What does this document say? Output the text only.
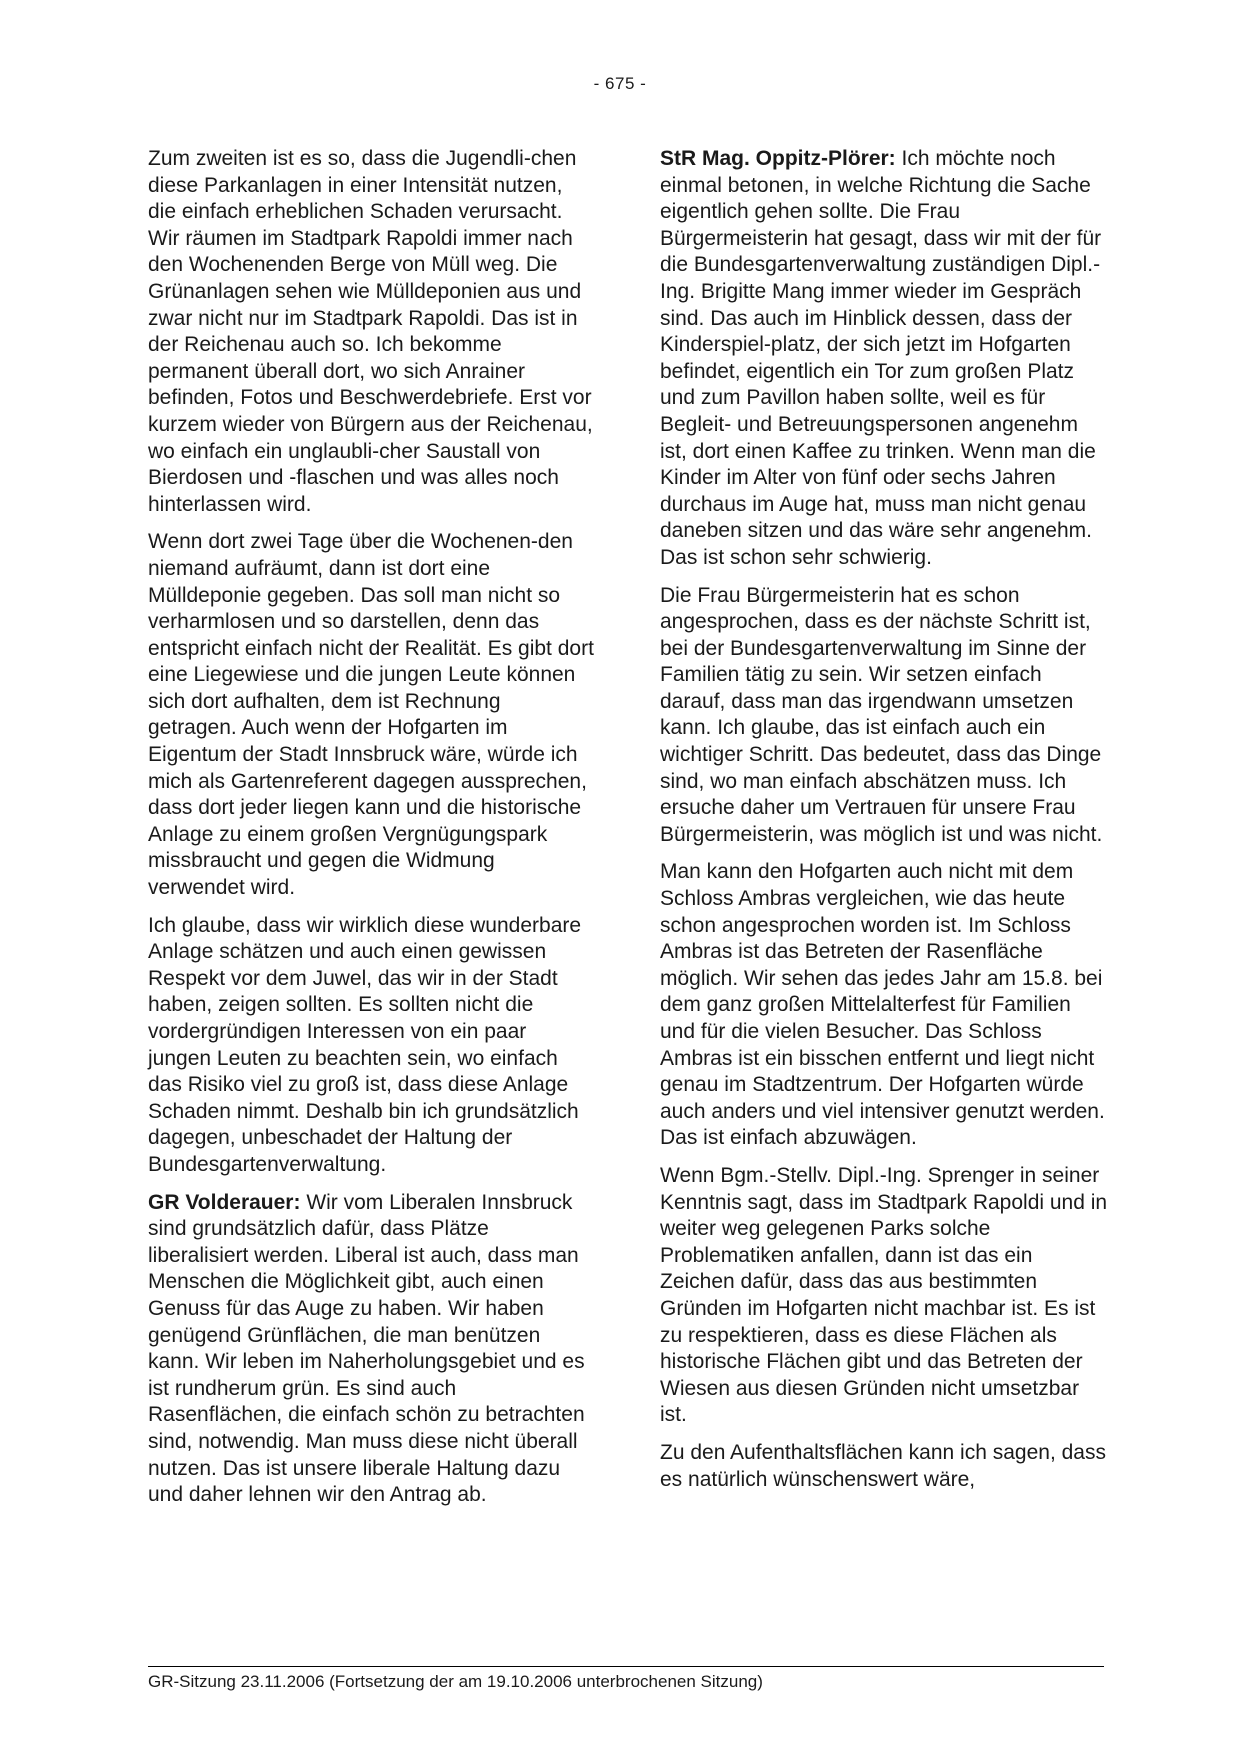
- 675 -

Zum zweiten ist es so, dass die Jugendli-chen diese Parkanlagen in einer Intensität nutzen, die einfach erheblichen Schaden verursacht. Wir räumen im Stadtpark Rapoldi immer nach den Wochenenden Berge von Müll weg. Die Grünanlagen sehen wie Mülldeponien aus und zwar nicht nur im Stadtpark Rapoldi. Das ist in der Reichenau auch so. Ich bekomme permanent überall dort, wo sich Anrainer befinden, Fotos und Beschwerdebriefe. Erst vor kurzem wieder von Bürgern aus der Reichenau, wo einfach ein unglaubli-cher Saustall von Bierdosen und -flaschen und was alles noch hinterlassen wird.

Wenn dort zwei Tage über die Wochenen-den niemand aufräumt, dann ist dort eine Mülldeponie gegeben. Das soll man nicht so verharmlosen und so darstellen, denn das entspricht einfach nicht der Realität. Es gibt dort eine Liegewiese und die jungen Leute können sich dort aufhalten, dem ist Rechnung getragen. Auch wenn der Hofgarten im Eigentum der Stadt Innsbruck wäre, würde ich mich als Gartenreferent dagegen aussprechen, dass dort jeder liegen kann und die historische Anlage zu einem großen Vergnügungspark missbraucht und gegen die Widmung verwendet wird.

Ich glaube, dass wir wirklich diese wunderbare Anlage schätzen und auch einen gewissen Respekt vor dem Juwel, das wir in der Stadt haben, zeigen sollten. Es sollten nicht die vordergründigen Interessen von ein paar jungen Leuten zu beachten sein, wo einfach das Risiko viel zu groß ist, dass diese Anlage Schaden nimmt. Deshalb bin ich grundsätzlich dagegen, unbeschadet der Haltung der Bundesgartenverwaltung.

GR Volderauer: Wir vom Liberalen Innsbruck sind grundsätzlich dafür, dass Plätze liberalisiert werden. Liberal ist auch, dass man Menschen die Möglichkeit gibt, auch einen Genuss für das Auge zu haben. Wir haben genügend Grünflächen, die man benützen kann. Wir leben im Naherholungsgebiet und es ist rundherum grün. Es sind auch Rasenflächen, die einfach schön zu betrachten sind, notwendig. Man muss diese nicht überall nutzen. Das ist unsere liberale Haltung dazu und daher lehnen wir den Antrag ab.

StR Mag. Oppitz-Plörer: Ich möchte noch einmal betonen, in welche Richtung die Sache eigentlich gehen sollte. Die Frau Bürgermeisterin hat gesagt, dass wir mit der für die Bundesgartenverwaltung zuständigen Dipl.-Ing. Brigitte Mang immer wieder im Gespräch sind. Das auch im Hinblick dessen, dass der Kinderspiel-platz, der sich jetzt im Hofgarten befindet, eigentlich ein Tor zum großen Platz und zum Pavillon haben sollte, weil es für Begleit- und Betreuungspersonen angenehm ist, dort einen Kaffee zu trinken. Wenn man die Kinder im Alter von fünf oder sechs Jahren durchaus im Auge hat, muss man nicht genau daneben sitzen und das wäre sehr angenehm. Das ist schon sehr schwierig.

Die Frau Bürgermeisterin hat es schon angesprochen, dass es der nächste Schritt ist, bei der Bundesgartenverwaltung im Sinne der Familien tätig zu sein. Wir setzen einfach darauf, dass man das irgendwann umsetzen kann. Ich glaube, das ist einfach auch ein wichtiger Schritt. Das bedeutet, dass das Dinge sind, wo man einfach abschätzen muss. Ich ersuche daher um Vertrauen für unsere Frau Bürgermeisterin, was möglich ist und was nicht.

Man kann den Hofgarten auch nicht mit dem Schloss Ambras vergleichen, wie das heute schon angesprochen worden ist. Im Schloss Ambras ist das Betreten der Rasenfläche möglich. Wir sehen das jedes Jahr am 15.8. bei dem ganz großen Mittelalterfest für Familien und für die vielen Besucher. Das Schloss Ambras ist ein bisschen entfernt und liegt nicht genau im Stadtzentrum. Der Hofgarten würde auch anders und viel intensiver genutzt werden. Das ist einfach abzuwägen.

Wenn Bgm.-Stellv. Dipl.-Ing. Sprenger in seiner Kenntnis sagt, dass im Stadtpark Rapoldi und in weiter weg gelegenen Parks solche Problematiken anfallen, dann ist das ein Zeichen dafür, dass das aus bestimmten Gründen im Hofgarten nicht machbar ist. Es ist zu respektieren, dass es diese Flächen als historische Flächen gibt und das Betreten der Wiesen aus diesen Gründen nicht umsetzbar ist.

Zu den Aufenthaltsflächen kann ich sagen, dass es natürlich wünschenswert wäre,

GR-Sitzung 23.11.2006 (Fortsetzung der am 19.10.2006 unterbrochenen Sitzung)
